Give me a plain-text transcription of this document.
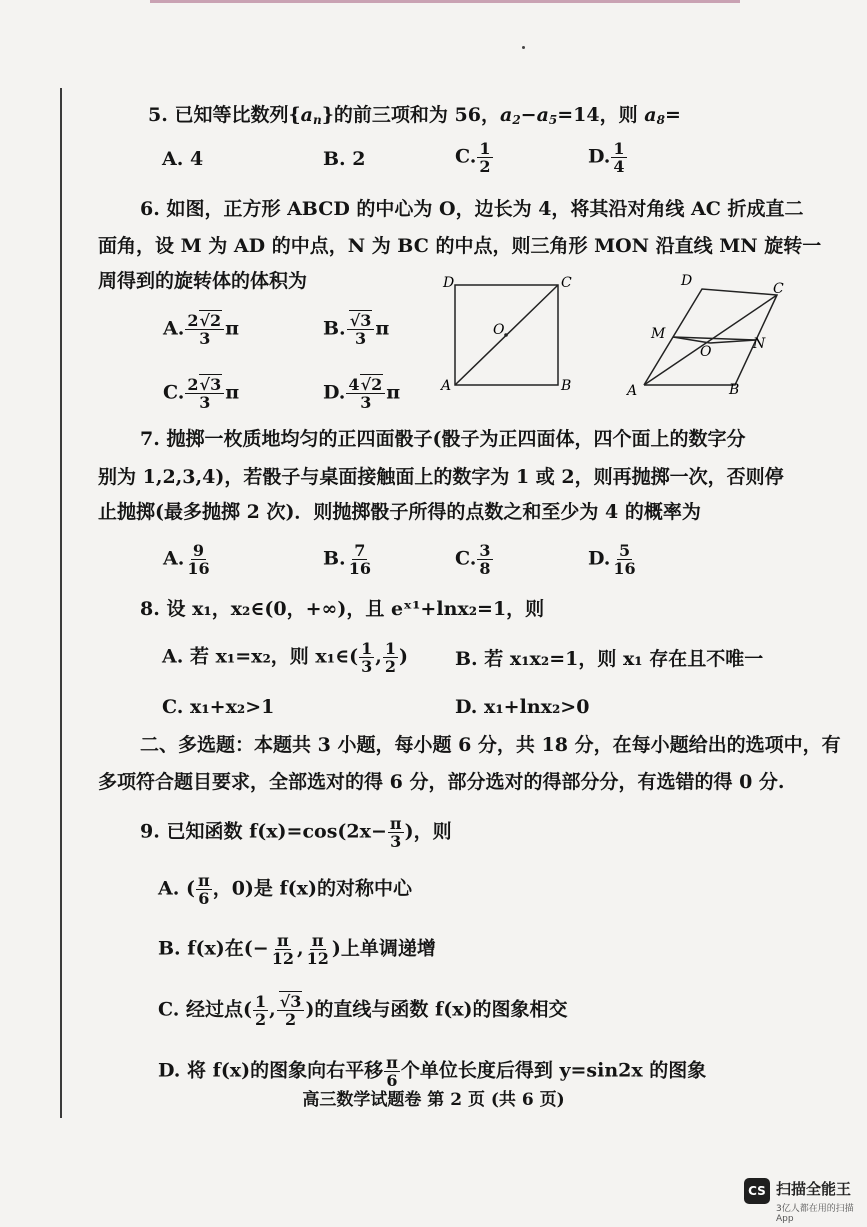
5. 已知等比数列$\{a_n\}$的前三项和为 56，$a_2-a_5=14$，则 $a_8=$
A. 4	B. 2	C. $\frac{1}{2}$	D. $\frac{1}{4}$
6. 如图，正方形 ABCD 的中心为 O，边长为 4，将其沿对角线 AC 折成直二
面角，设 M 为 AD 的中点，N 为 BC 的中点，则三角形 MON 沿直线 MN 旋转一
周得到的旋转体的体积为
A. $\frac{2√2}{3}$ π	B. $\frac{√3}{3}$ π
C. $\frac{2√3}{3}$ π	D. $\frac{4√2}{3}$ π
D	C
A	B
O
D	C
A	B
M
N
O
7. 抛掷一枚质地均匀的正四面骰子(骰子为正四面体，四个面上的数字分
别为 1,2,3,4)，若骰子与桌面接触面上的数字为 1 或 2，则再抛掷一次，否则停
止抛掷(最多抛掷 2 次)．则抛掷骰子所得的点数之和至少为 4 的概率为
A. $\frac{9}{16}$	B. $\frac{7}{16}$	C. $\frac{3}{8}$	D. $\frac{5}{16}$
8. 设 x₁，x₂∈(0，+∞)，且 eˣ¹+lnx₂=1，则
A. 若 x₁=x₂，则 x₁∈( $\frac{1}{3}$ , $\frac{1}{2}$ ) B. 若 x₁x₂=1，则 x₁ 存在且不唯一
C. x₁+x₂>1	D. x₁+lnx₂>0
二、多选题：本题共 3 小题，每小题 6 分，共 18 分，在每小题给出的选项中，有
多项符合题目要求，全部选对的得 6 分，部分选对的得部分分，有选错的得 0 分.
9. 已知函数 $f(x)=\cos(2x- \frac{\pi}{3}$ )，则
A. ( $\frac{\pi}{6}$ ，0)是 f(x)的对称中心
B. f(x)在(− $\frac{\pi}{12}$ , $\frac{\pi}{12}$ )上单调递增
C. 经过点( $\frac{1}{2}$ , $\frac{√3}{2}$ )的直线与函数 f(x)的图象相交
D. 将 f(x)的图象向右平移 $\frac{\pi}{6}$ 个单位长度后得到 y=sin2x 的图象
高三数学试题卷 第 2 页 (共 6 页)
CS 扫描全能王
3亿人都在用的扫描App
